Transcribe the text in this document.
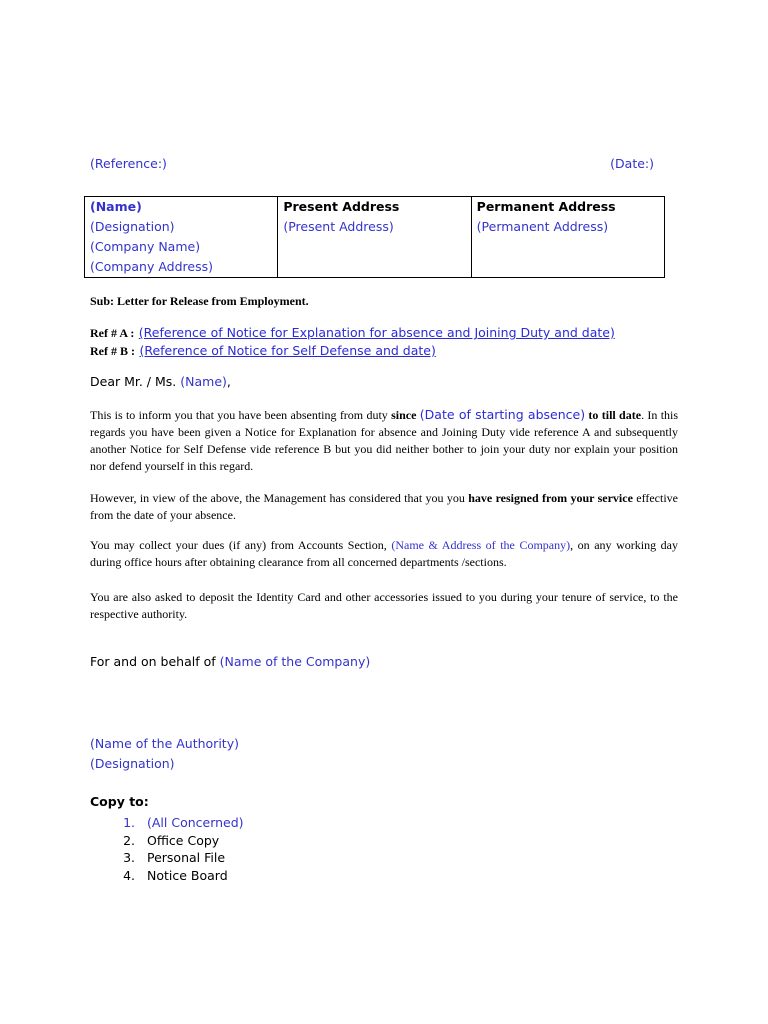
(Reference:)	(Date:)
(Name)
(Designation)
(Company Name)
(Company Address)

Present Address
(Present Address)

Permanent Address
(Permanent Address)
Sub: Letter for Release from Employment.
Ref # A : (Reference of Notice for Explanation for absence and Joining Duty and date)
Ref # B : (Reference of Notice for Self Defense and date)
Dear Mr. / Ms. (Name),
This is to inform you that you have been absenting from duty since (Date of starting absence) to till date. In this regards you have been given a Notice for Explanation for absence and Joining Duty vide reference A and subsequently another Notice for Self Defense vide reference B but you did neither bother to join your duty nor explain your position nor defend yourself in this regard.
However, in view of the above, the Management has considered that you you have resigned from your service effective from the date of your absence.
You may collect your dues (if any) from Accounts Section, (Name & Address of the Company), on any working day during office hours after obtaining clearance from all concerned departments /sections.
You are also asked to deposit the Identity Card and other accessories issued to you during your tenure of service, to the respective authority.
For and on behalf of (Name of the Company)
(Name of the Authority)
(Designation)
Copy to:
1. (All Concerned)
2. Office Copy
3. Personal File
4. Notice Board
